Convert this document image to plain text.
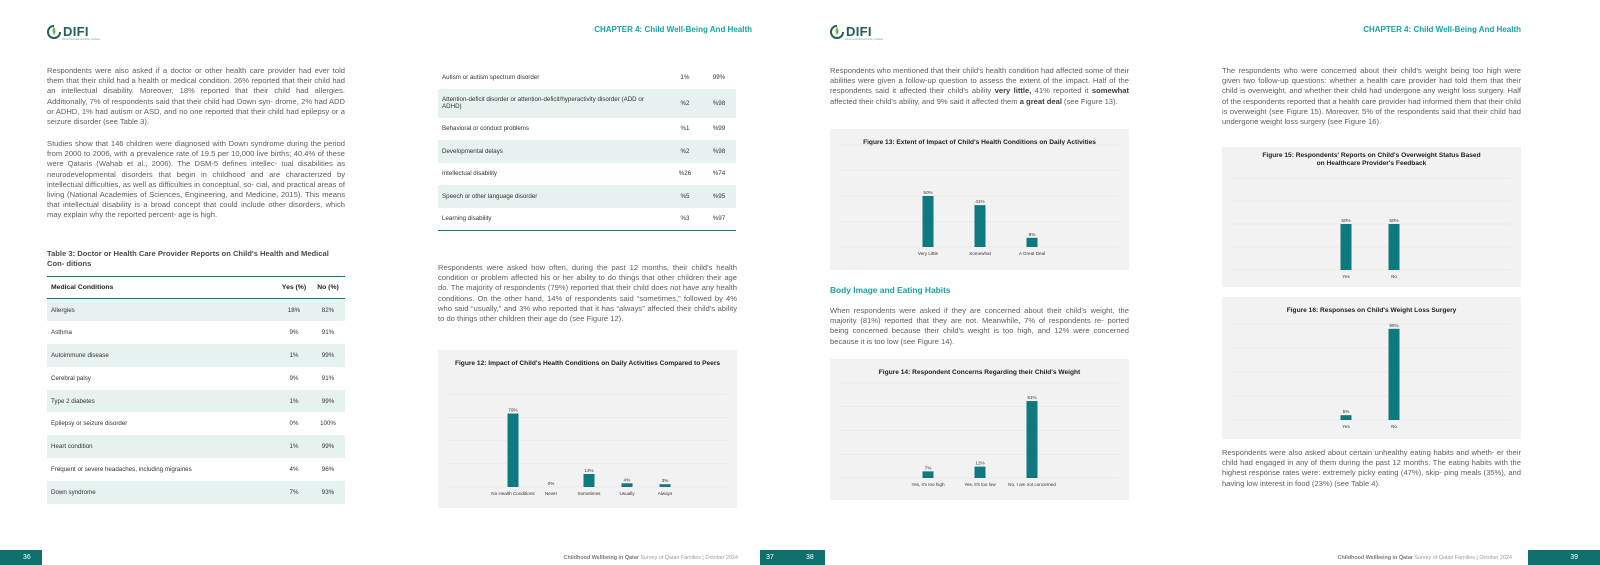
DIFI
Doha International Family Institute

Respondents were also asked if a doctor or other health care provider had ever told them that their child had a health or medical condition. 26% reported that their child had an intellectual disability. Moreover, 18% reported that their child had allergies. Additionally, 7% of respondents said that their child had Down syn- drome, 2% had ADD or ADHD, 1% had autism or ASD, and no one reported that their child had epilepsy or a seizure disorder (see Table 3).

Studies show that 146 children were diagnosed with Down syndrome during the period from 2000 to 2006, with a prevalence rate of 19.5 per 10,000 live births; 40.4% of these were Qataris (Wahab et al., 2006). The DSM-5 defines intellec- tual disabilities as neurodevelopmental disorders that begin in childhood and are characterized by intellectual difficulties, as well as difficulties in conceptual, so- cial, and practical areas of living (National Academies of Sciences, Engineering, and Medicine, 2015). This means that intellectual disability is a broad concept that could include other disorders, which may explain why the reported percent- age is high.

Table 3: Doctor or Health Care Provider Reports on Child's Health and Medical Con- ditions
Medical Conditions	Yes (%)	No (%)
Allergies	18%	82%
Asthma	9%	91%
Autoimmune disease	1%	99%
Cerebral palsy	9%	91%
Type 2 diabetes	1%	99%
Epilepsy or seizure disorder	0%	100%
Heart condition	1%	99%
Frequent or severe headaches, including migraines	4%	96%
Down syndrome	7%	93%
36
CHAPTER 4: Child Well-Being And Health
Autism or autism spectrum disorder	1%	99%
Attention-deficit disorder or attention-deficit/hyperactivity disorder (ADD or ADHD)	%2	%98
Behavioral or conduct problems	%1	%99
Developmental delays	%2	%98
Intellectual disability	%26	%74
Speech or other language disorder	%5	%95
Learning disability	%3	%97

Respondents were asked how often, during the past 12 months, their child's health condition or problem affected his or her ability to do things that other children their age do. The majority of respondents (79%) reported that their child does not have any health conditions. On the other hand, 14% of respondents said “sometimes,” followed by 4% who said “usually,” and 3% who reported that it has “always” affected their child's ability to do things other children their age do (see Figure 12).

Figure 12: Impact of Child's Health Conditions on Daily Activities Compared to Peers
79%
No Health Conditions
0%
Never
14%
Sometimes
4%
Usually
3%
Always
Childhood Wellbeing in Qatar Survey of Qatari Families | October 2024	37
DIFI
Doha International Family Institute

Respondents who mentioned that their child's health condition had affected some of their abilities were given a follow-up question to assess the extent of the impact. Half of the respondents said it affected their child's ability very little, 41% reported it somewhat affected their child's ability, and 9% said it affected them a great deal (see Figure 13).

Figure 13: Extent of Impact of Child's Health Conditions on Daily Activities
50%
Very Little
41%
Somewhat
9%
A Great Deal
Body Image and Eating Habits

When respondents were asked if they are concerned about their child's weight, the majority (81%) reported that they are not. Meanwhile, 7% of respondents re- ported being concerned because their child's weight is too high, and 12% were concerned because it is too low (see Figure 14).

Figure 14: Respondent Concerns Regarding their Child's Weight
7%
Yes, it's too high
12%
Yes, it's too low
81%
No, I am not concerned
38
CHAPTER 4: Child Well-Being And Health

The respondents who were concerned about their child's weight being too high were given two follow-up questions: whether a health care provider had told them that their child is overweight, and whether their child had undergone any weight loss surgery. Half of the respondents reported that a health care provider had informed them that their child is overweight (see Figure 15). Moreover, 5% of the respondents said that their child had undergone weight loss surgery (see Figure 16).

Figure 15: Respondents' Reports on Child's Overweight Status Based on Healthcare Provider's Feedback
50%
Yes
50%
No
Figure 16: Responses on Child's Weight Loss Surgery
5%
Yes
95%
No

Respondents were also asked about certain unhealthy eating habits and wheth- er their child had engaged in any of them during the past 12 months. The eating habits with the highest response rates were: extremely picky eating (47%), skip- ping meals (35%), and having low interest in food (23%) (see Table 4).

Childhood Wellbeing in Qatar Survey of Qatari Families | October 2024	39
